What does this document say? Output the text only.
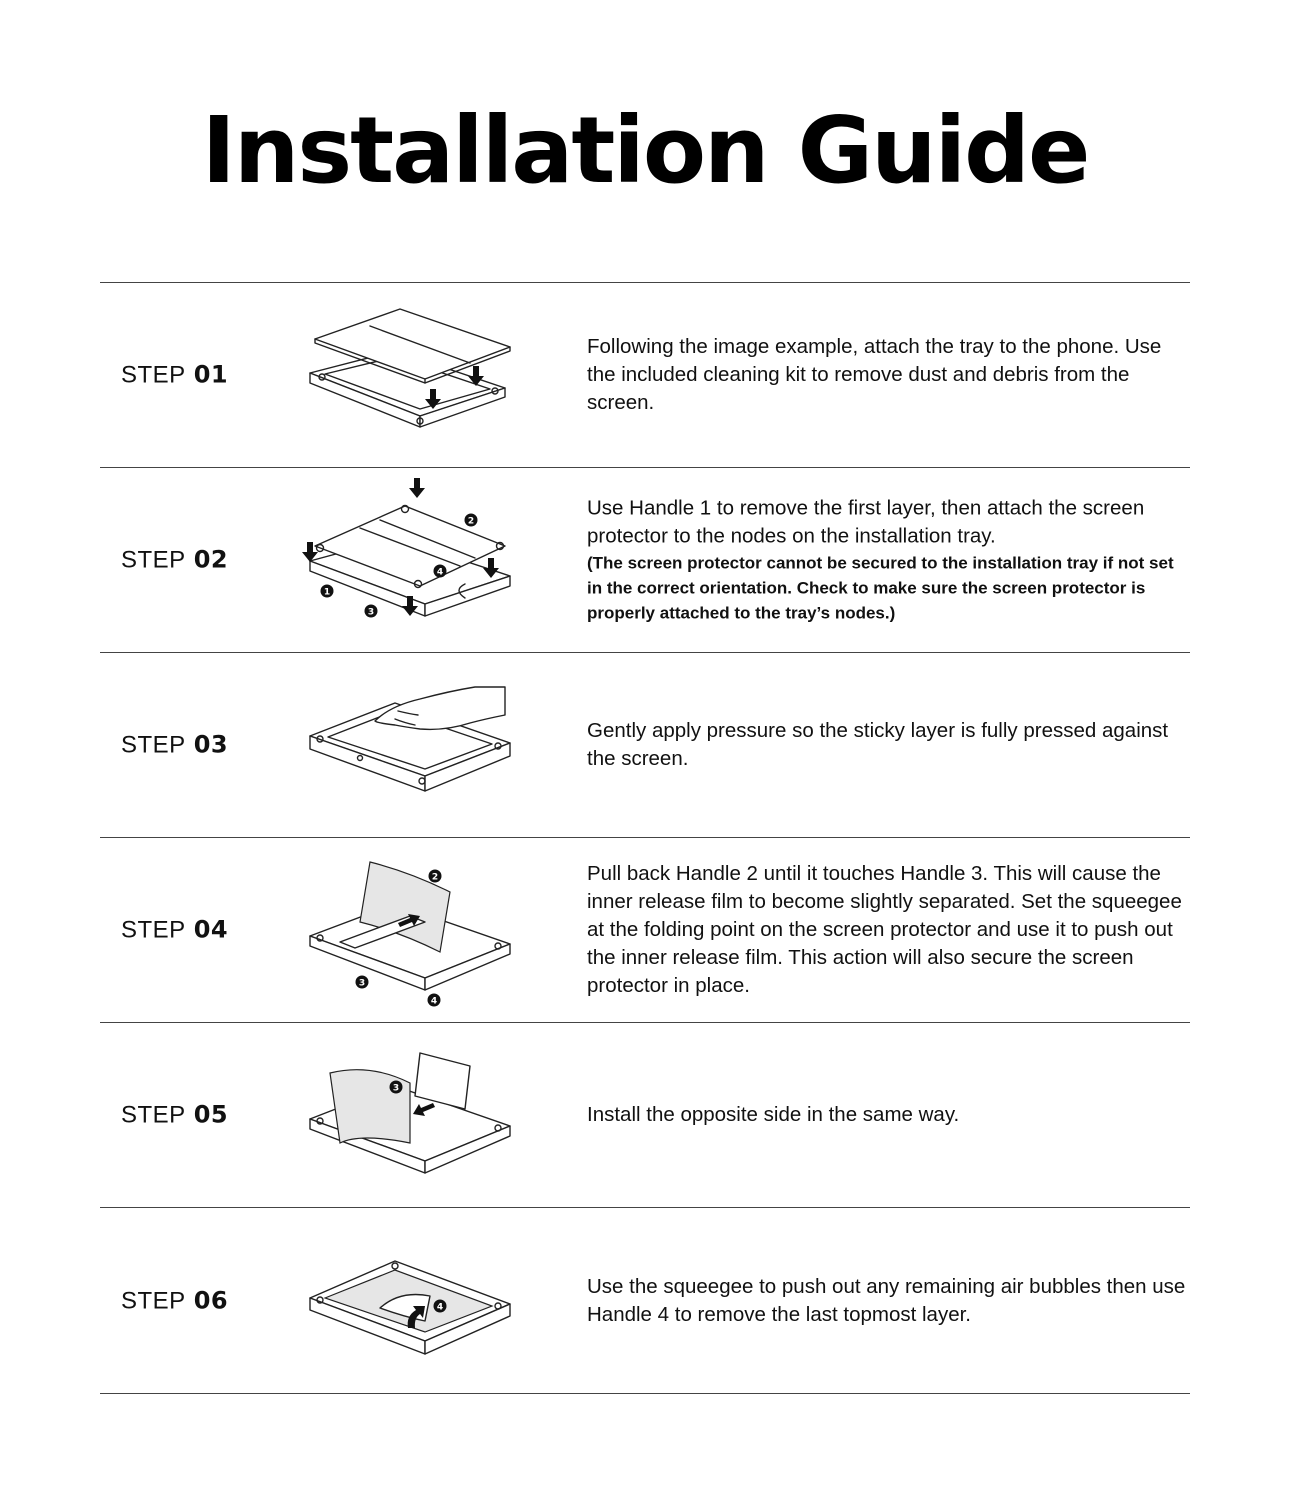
Installation Guide
STEP 01

Following the image example, attach the tray to the phone. Use the included cleaning kit to remove dust and debris from the screen.

STEP 02
1
2
3
4

Use Handle 1 to remove the first layer, then attach the screen protector to the nodes on the installation tray.

(The screen protector cannot be secured to the installation tray if not set in the correct orientation. Check to make sure the screen protector is properly attached to the tray’s nodes.)

STEP 03	Gently apply pressure so the sticky layer is fully pressed against the screen.

STEP 04
2
3
4

Pull back Handle 2 until it touches Handle 3. This will cause the inner release film to become slightly separated. Set the squeegee at the folding point on the screen protector and use it to push out the inner release film. This action will also secure the screen protector in place.

STEP 05
3

Install the opposite side in the same way.

STEP 06	4

Use the squeegee to push out any remaining air bubbles then use Handle 4 to remove the last topmost layer.
